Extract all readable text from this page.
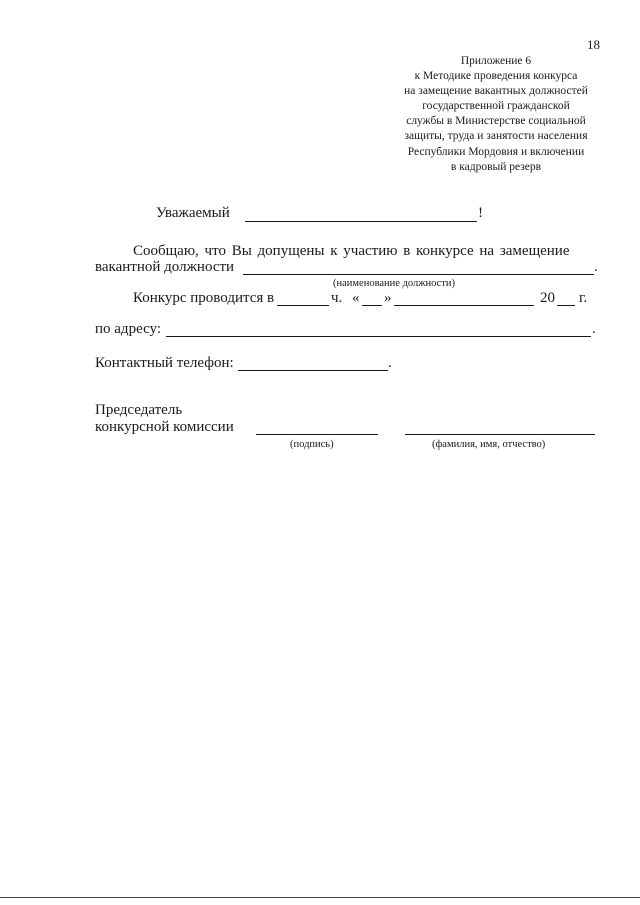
18
Приложение 6
к Методике проведения конкурса
на замещение вакантных должностей
государственной гражданской
службы в Министерстве социальной
защиты, труда и занятости населения
Республики Мордовия и включении
в кадровый резерв
Уважаемый	!
Сообщаю, что Вы допущены к участию в конкурсе на замещение
вакантной должности	.
(наименование должности)
Конкурс проводится в	ч. « »	20 г.
по адресу:	.
Контактный телефон:	.
Председатель
конкурсной комиссии
(подпись)	(фамилия, имя, отчество)
